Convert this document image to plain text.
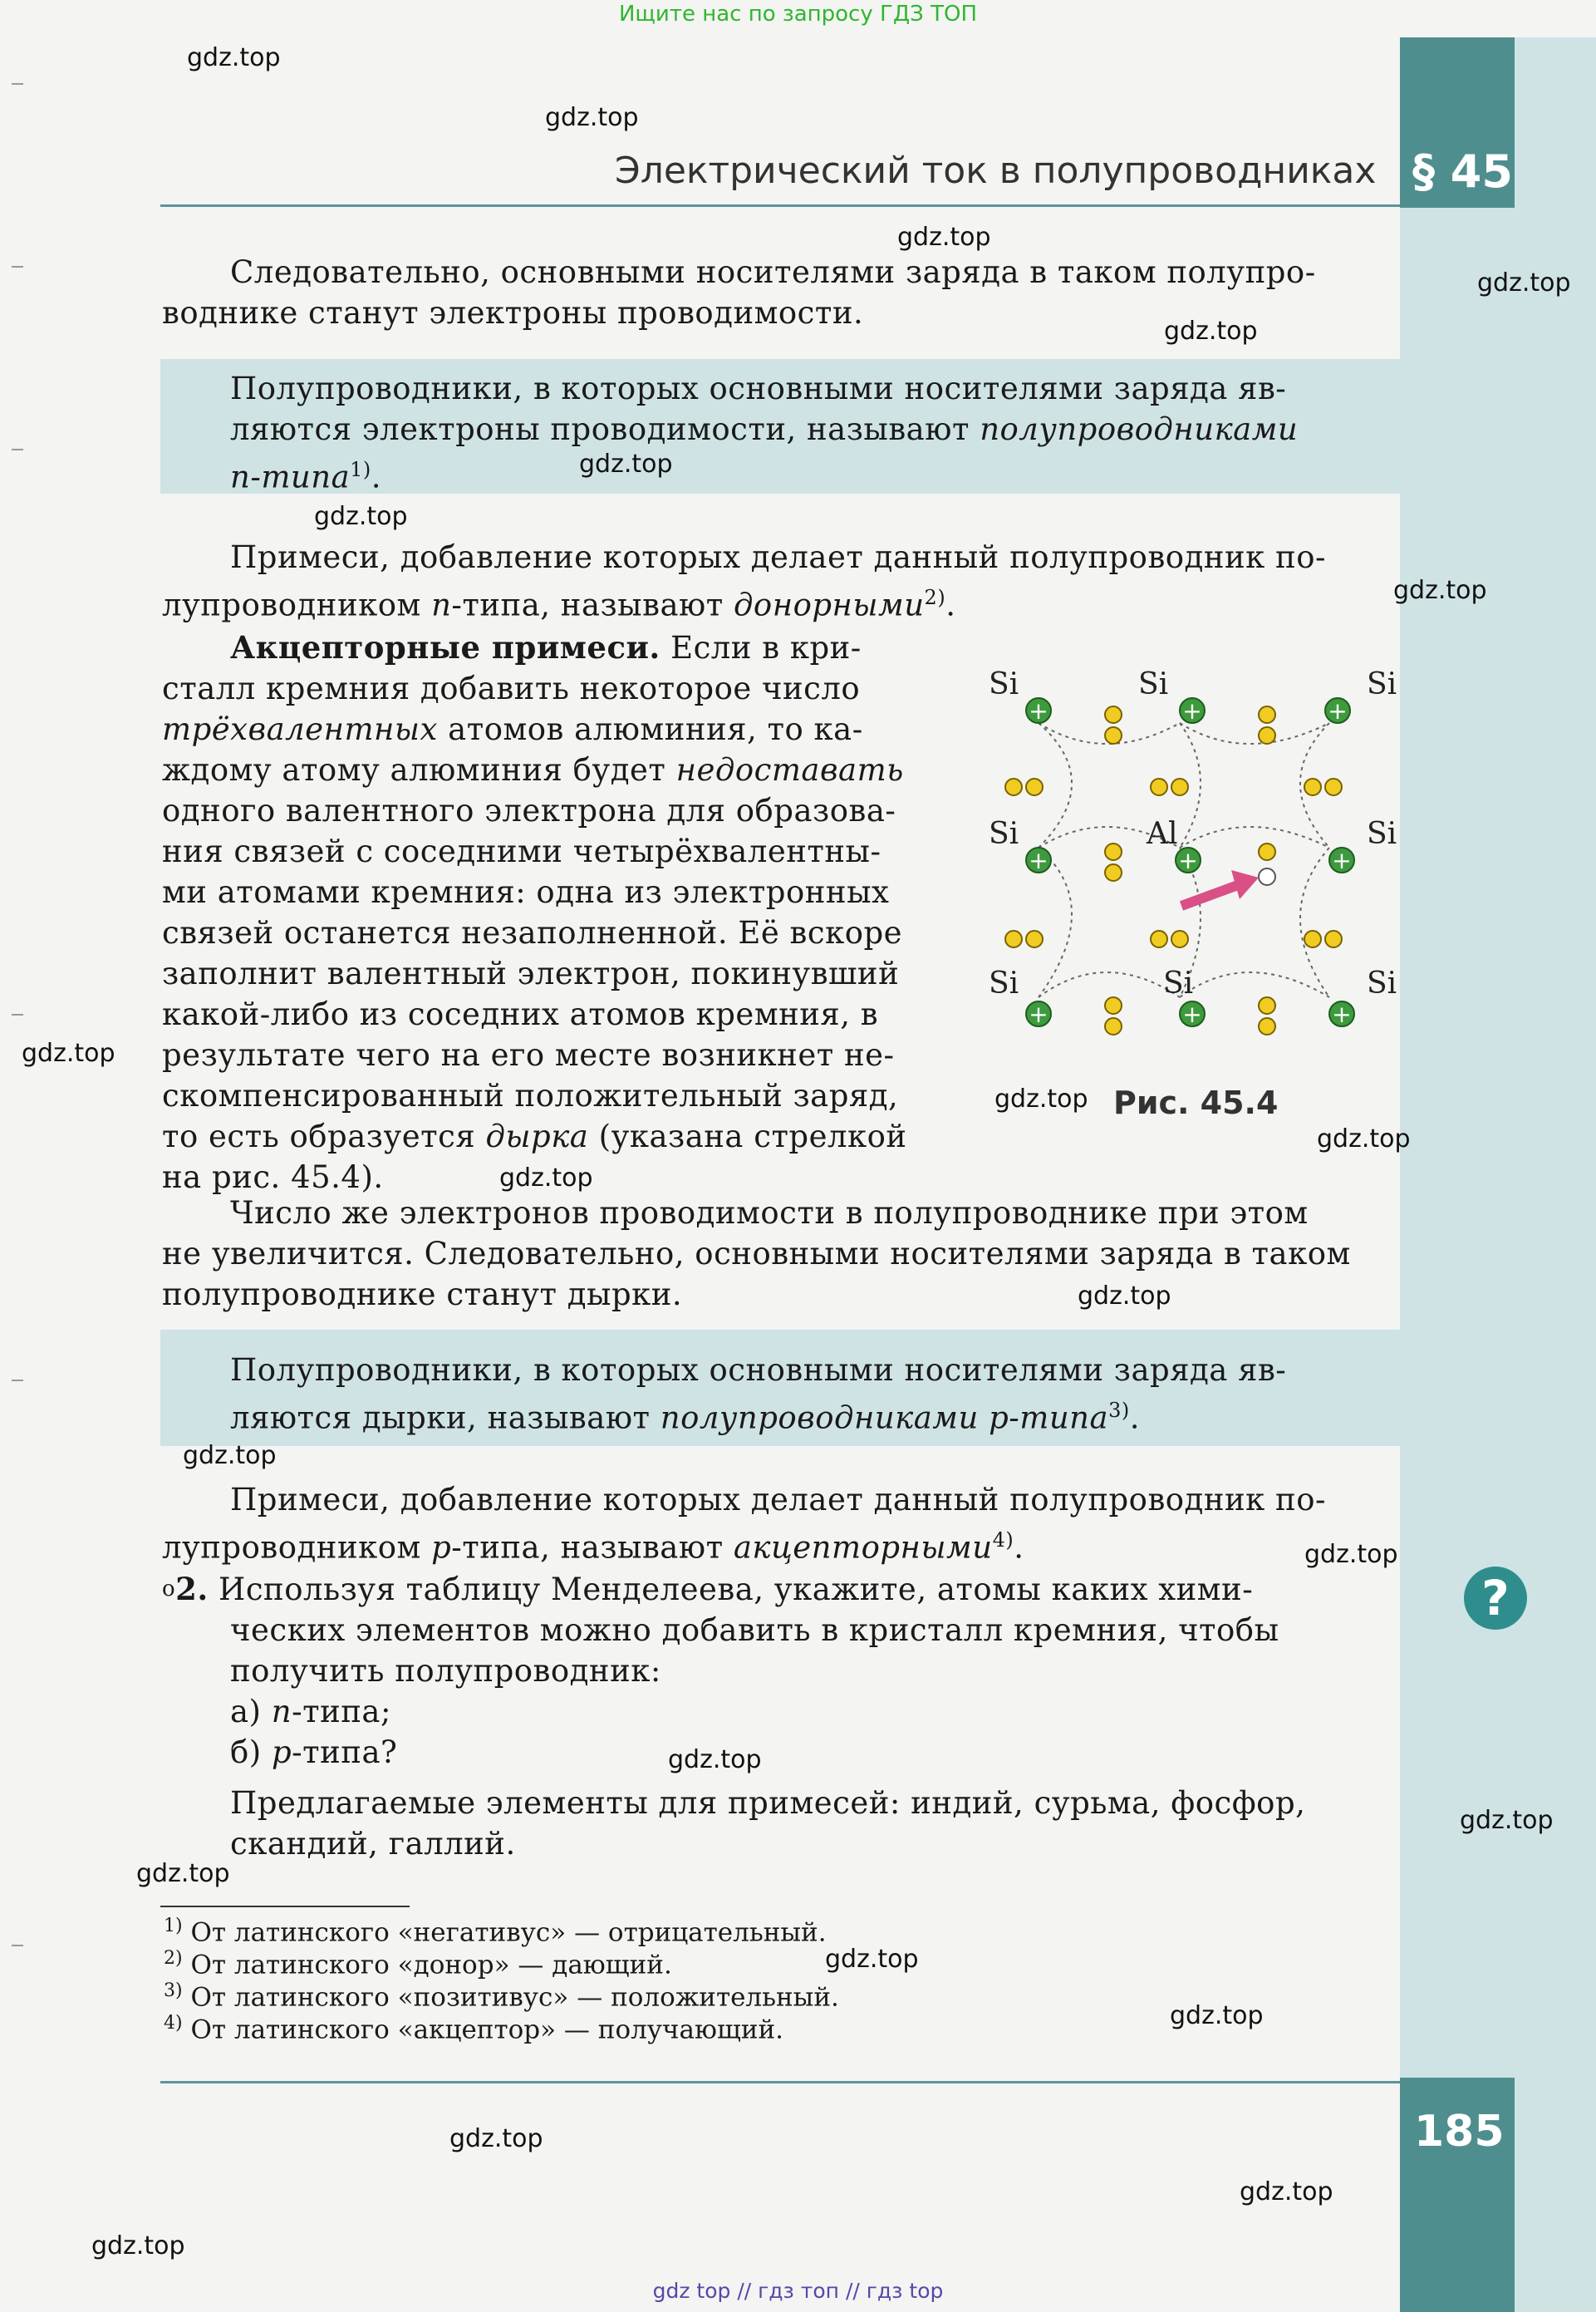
§ 45
185
Ищите нас по запросу ГДЗ ТОП
gdz top // гдз топ // гдз top
Электрический ток в полупроводниках
Следовательно, основными носителями заряда в таком полупро-
воднике станут электроны проводимости.
Полупроводники, в которых основными носителями заряда яв-
ляются электроны проводимости, называют полупроводниками
n-типа$^{1)}$.
Примеси, добавление которых делает данный полупроводник по-
лупроводником n-типа, называют донорными$^{2)}$.
Акцепторные примеси. Если в кри-
сталл кремния добавить некоторое число
трёхвалентных атомов алюминия, то ка-
ждому атому алюминия будет недоставать
одного валентного электрона для образова-
ния связей с соседними четырёхвалентны-
ми атомами кремния: одна из электронных
связей останется незаполненной. Её вскоре
заполнит валентный электрон, покинувший
какой-либо из соседних атомов кремния, в
результате чего на его месте возникнет не-
скомпенсированный положительный заряд,
то есть образуется дырка (указана стрелкой
на рис. 45.4).
Si	Si	Si
Si	Al	Si
Si	Si	Si
+	+	+
+	+	+
+	+	+
Рис. 45.4
Число же электронов проводимости в полупроводнике при этом
не увеличится. Следовательно, основными носителями заряда в таком
полупроводнике станут дырки.
Полупроводники, в которых основными носителями заряда яв-
ляются дырки, называют полупроводниками р-типа$^{3)}$.
Примеси, добавление которых делает данный полупроводник по-
лупроводником р-типа, называют акцепторными$^{4)}$.
$^о$2. Используя таблицу Менделеева, укажите, атомы каких хими-
ческих элементов можно добавить в кристалл кремния, чтобы
получить полупроводник:
а) n-типа;
б) р-типа?
Предлагаемые элементы для примесей: индий, сурьма, фосфор,
скандий, галлий.
?
$^{1)}$ От латинского «негативус» — отрицательный.
$^{2)}$ От латинского «донор» — дающий.
$^{3)}$ От латинского «позитивус» — положительный.
$^{4)}$ От латинского «акцептор» — получающий.
gdz.top
gdz.top
gdz.top
gdz.top
gdz.top
gdz.top
gdz.top
gdz.top
gdz.top
gdz.top
gdz.top
gdz.top
gdz.top
gdz.top
gdz.top
gdz.top
gdz.top
gdz.top
gdz.top
gdz.top
gdz.top
gdz.top
gdz.top
